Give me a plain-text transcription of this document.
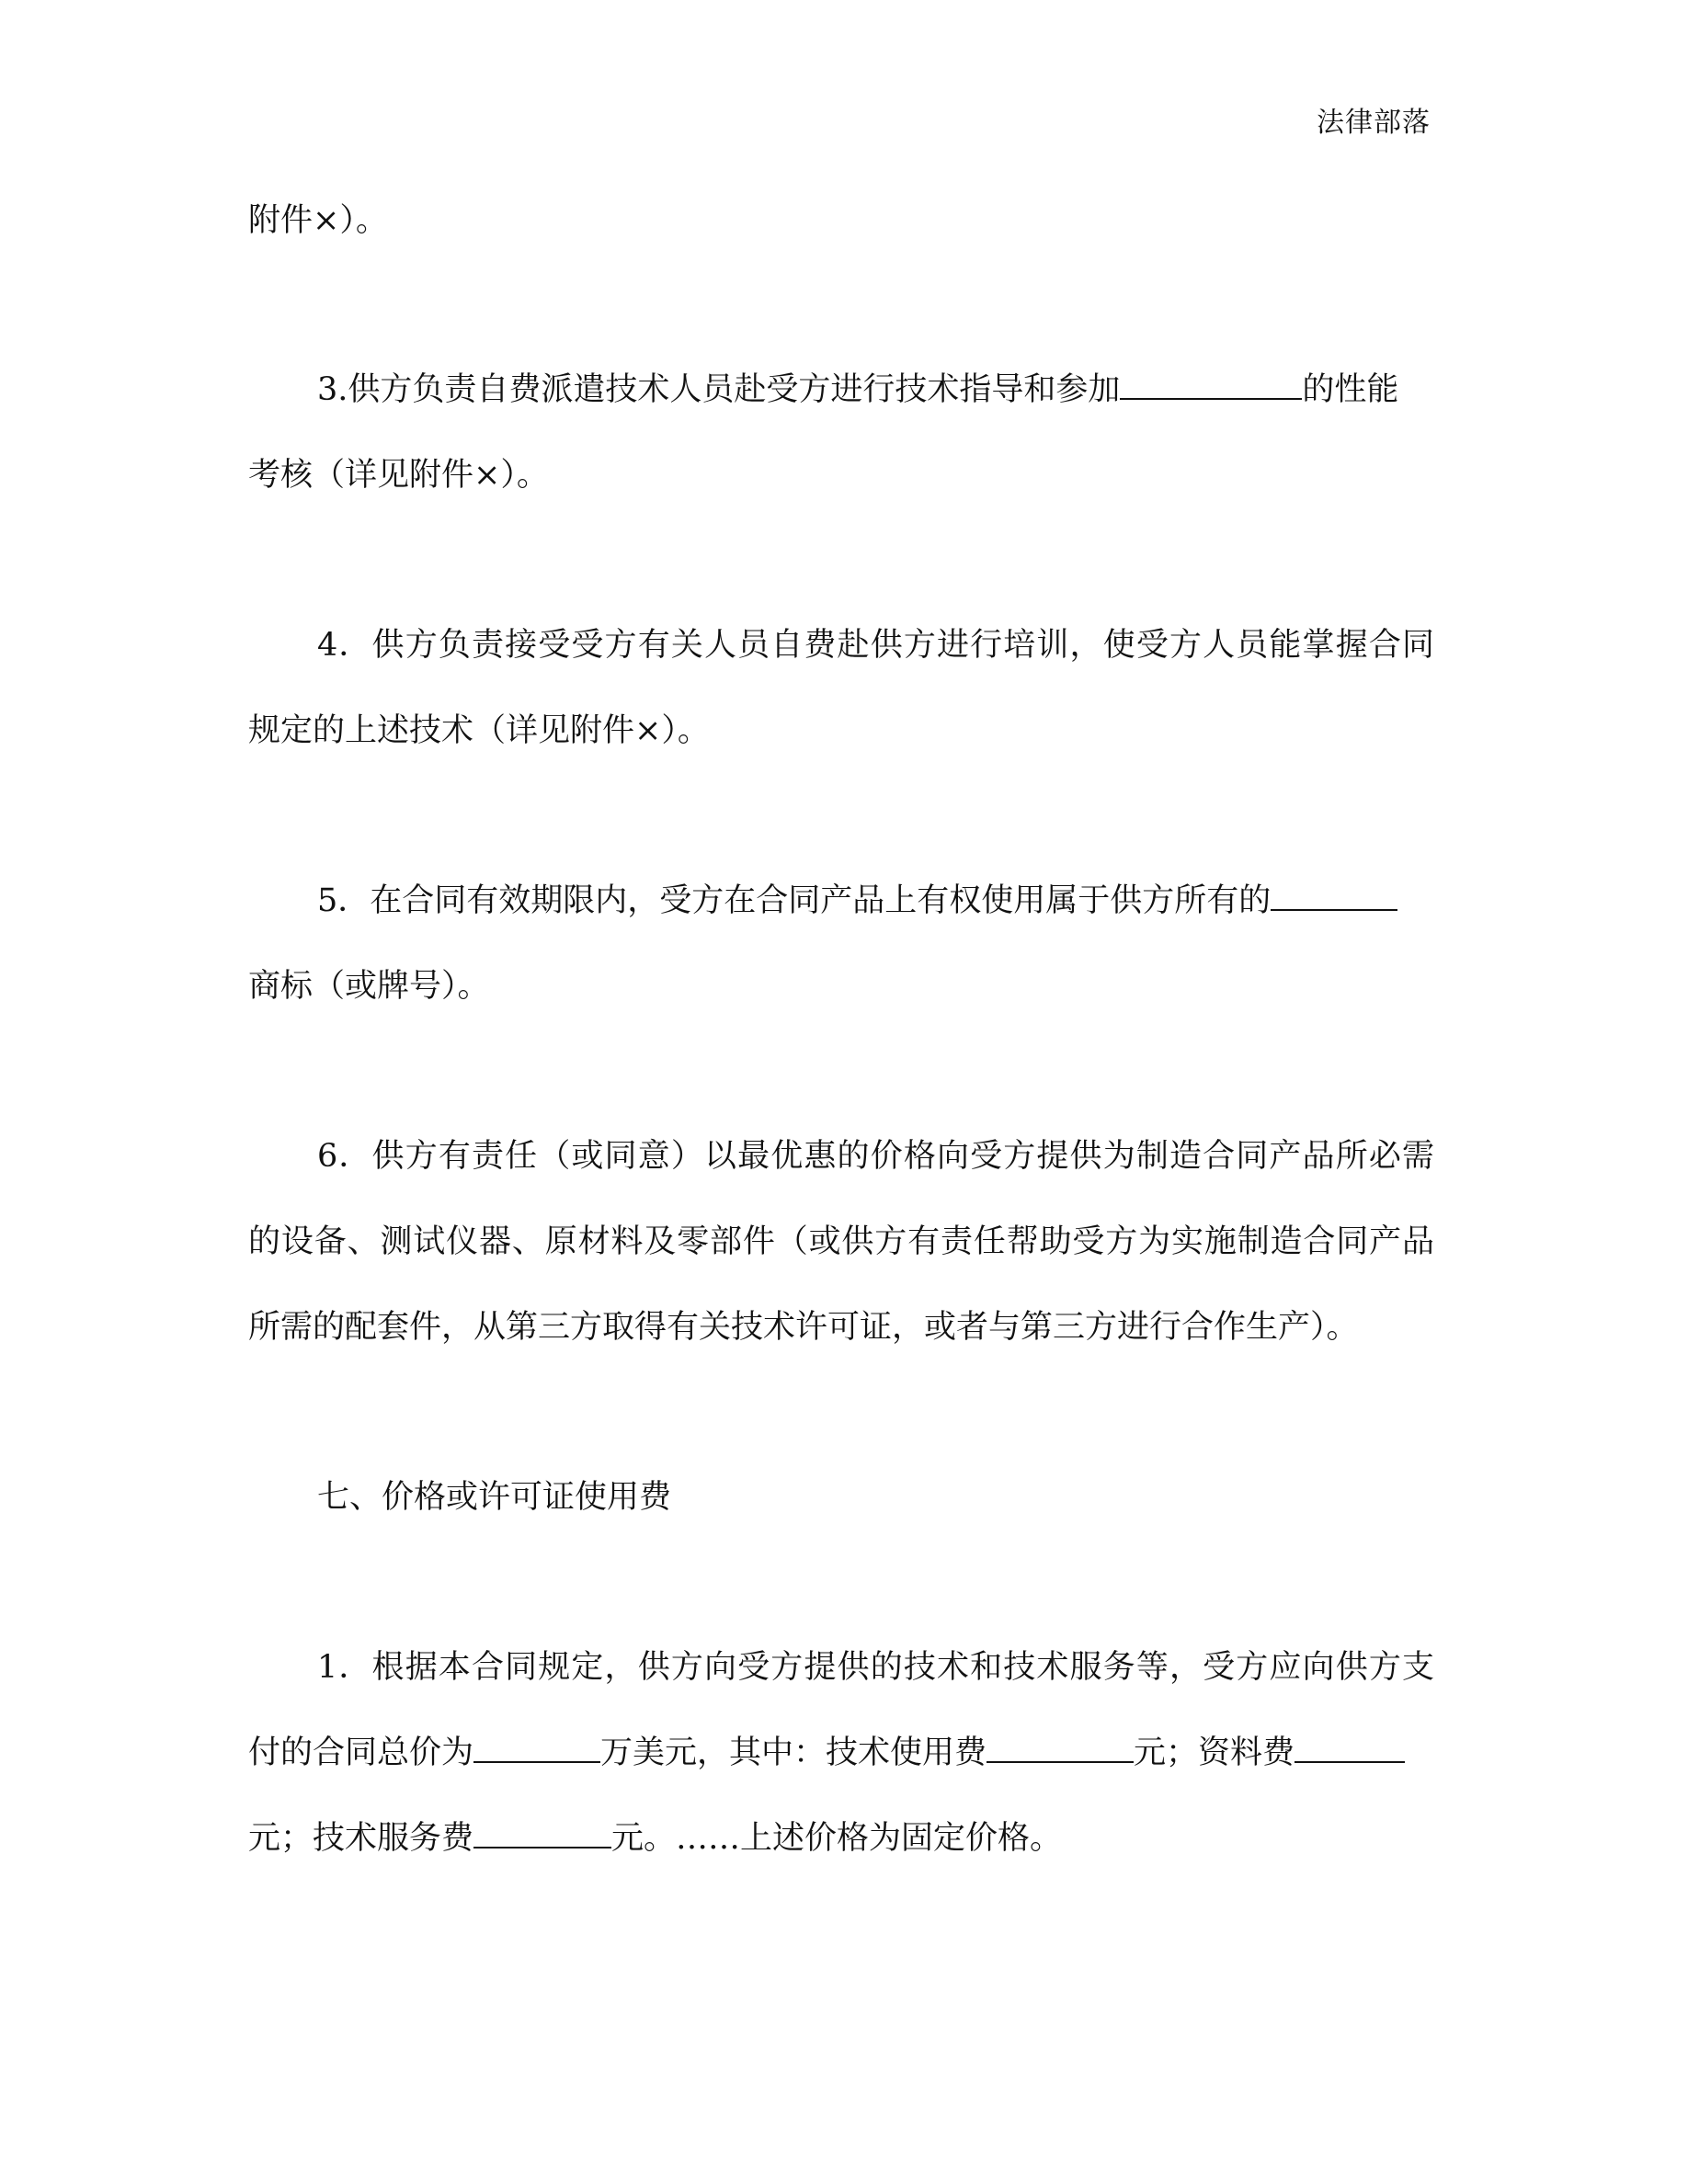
法律部落
附件×）。
3.供方负责自费派遣技术人员赴受方进行技术指导和参加	的性能
考核（详见附件×）。
4．供方负责接受受方有关人员自费赴供方进行培训，使受方人员能掌握合同
规定的上述技术（详见附件×）。
5．在合同有效期限内，受方在合同产品上有权使用属于供方所有的
商标（或牌号）。
6．供方有责任（或同意）以最优惠的价格向受方提供为制造合同产品所必需
的设备、测试仪器、原材料及零部件（或供方有责任帮助受方为实施制造合同产品
所需的配套件，从第三方取得有关技术许可证，或者与第三方进行合作生产）。
七、价格或许可证使用费
1．根据本合同规定，供方向受方提供的技术和技术服务等，受方应向供方支
付的合同总价为	万美元，其中：技术使用费	元；资料费
元；技术服务费	元。……上述价格为固定价格。
